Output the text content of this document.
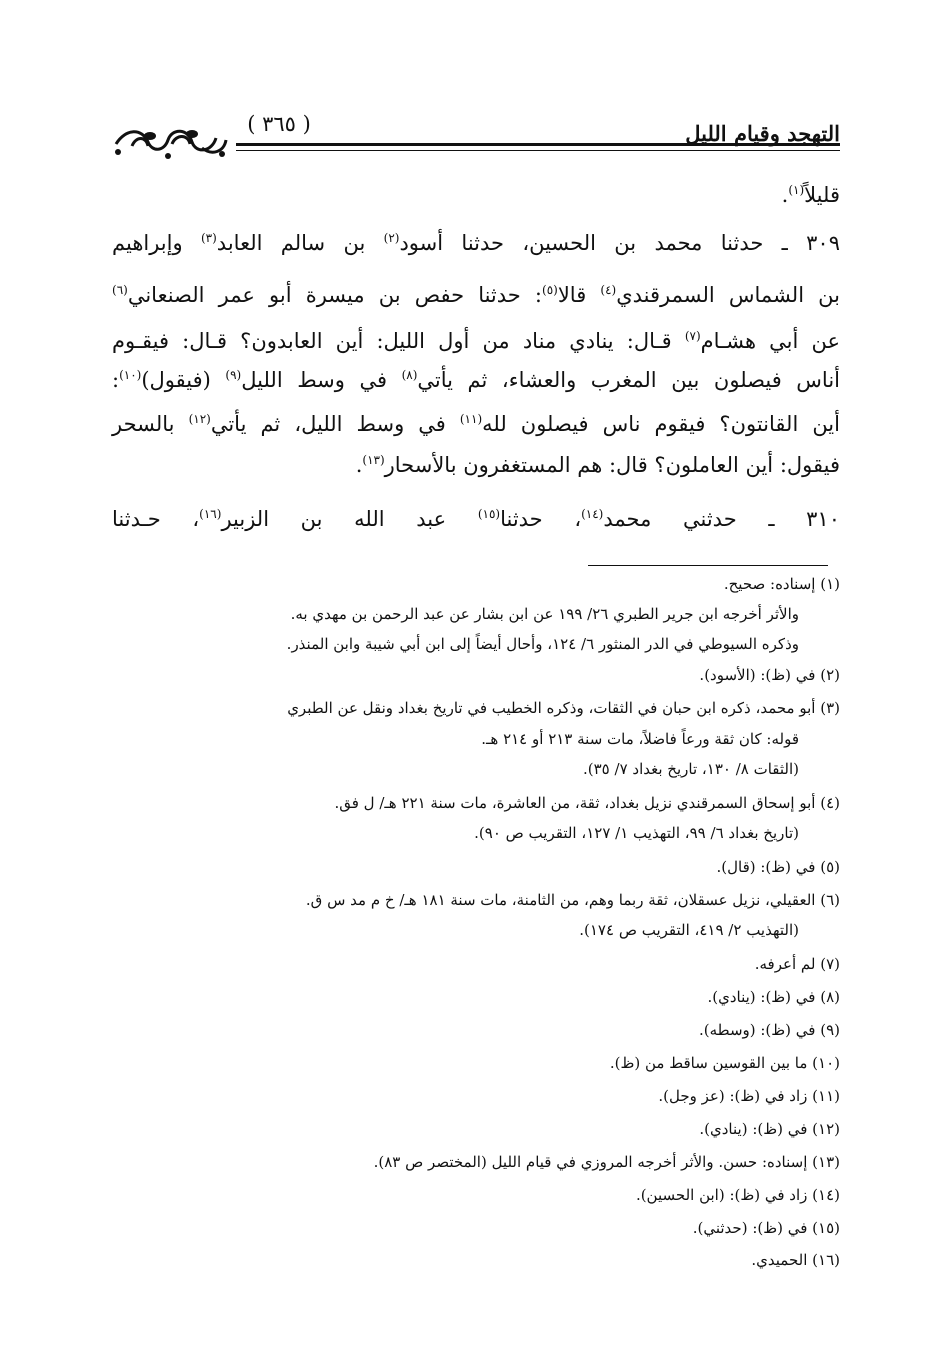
التهجد وقيام الليل
( ٣٦٥ )
قليلاً$^{(١)}$.
٣٠٩ ـ حدثنا محمد بن الحسين، حدثنا أسود$^{(٢)}$ بن سالم العابد$^{(٣)}$ وإبراهيم
بن الشماس السمرقندي$^{(٤)}$ قالا$^{(٥)}$: حدثنا حفص بن ميسرة أبو عمر الصنعاني$^{(٦)}$
عن أبي هشـام$^{(٧)}$ قـال: ينادي مناد من أول الليل: أين العابدون؟ قـال: فيقـوم
أناس فيصلون بين المغرب والعشاء، ثم يأتي$^{(٨)}$ في وسط الليل$^{(٩)}$ (فيقول)$^{(١٠)}$:
أين القانتون؟ فيقوم ناس فيصلون لله$^{(١١)}$ في وسط الليل، ثم يأتي$^{(١٢)}$ بالسحر
فيقول: أين العاملون؟ قال: هم المستغفرون بالأسحار$^{(١٣)}$.
٣١٠ ـ حدثني محمد$^{(١٤)}$، حدثنا$^{(١٥)}$ عبد الله بن الزبير$^{(١٦)}$، حـدثنا
(١) إسناده: صحيح.
والأثر أخرجه ابن جرير الطبري ٢٦/ ١٩٩ عن ابن بشار عن عبد الرحمن بن مهدي به.
وذكره السيوطي في الدر المنثور ٦/ ١٢٤، وأحال أيضاً إلى ابن أبي شيبة وابن المنذر.
(٢) في (ظ): (الأسود).
(٣) أبو محمد، ذكره ابن حبان في الثقات، وذكره الخطيب في تاريخ بغداد ونقل عن الطبري
قوله: كان ثقة ورعاً فاضلاً، مات سنة ٢١٣ أو ٢١٤ هـ.
(الثقات ٨/ ١٣٠، تاريخ بغداد ٧/ ٣٥).
(٤) أبو إسحاق السمرقندي نزيل بغداد، ثقة، من العاشرة، مات سنة ٢٢١ هـ/ ل فق.
(تاريخ بغداد ٦/ ٩٩، التهذيب ١/ ١٢٧، التقريب ص ٩٠).
(٥) في (ظ): (قال).
(٦) العقيلي، نزيل عسقلان، ثقة ربما وهم، من الثامنة، مات سنة ١٨١ هـ/ خ م مد س ق.
(التهذيب ٢/ ٤١٩، التقريب ص ١٧٤).
(٧) لم أعرفه.
(٨) في (ظ): (ينادي).
(٩) في (ظ): (وسطه).
(١٠) ما بين القوسين ساقط من (ظ).
(١١) زاد في (ظ): (عز وجل).
(١٢) في (ظ): (ينادي).
(١٣) إسناده: حسن. والأثر أخرجه المروزي في قيام الليل (المختصر ص ٨٣).
(١٤) زاد في (ظ): (ابن الحسين).
(١٥) في (ظ): (حدثني).
(١٦) الحميدي.
